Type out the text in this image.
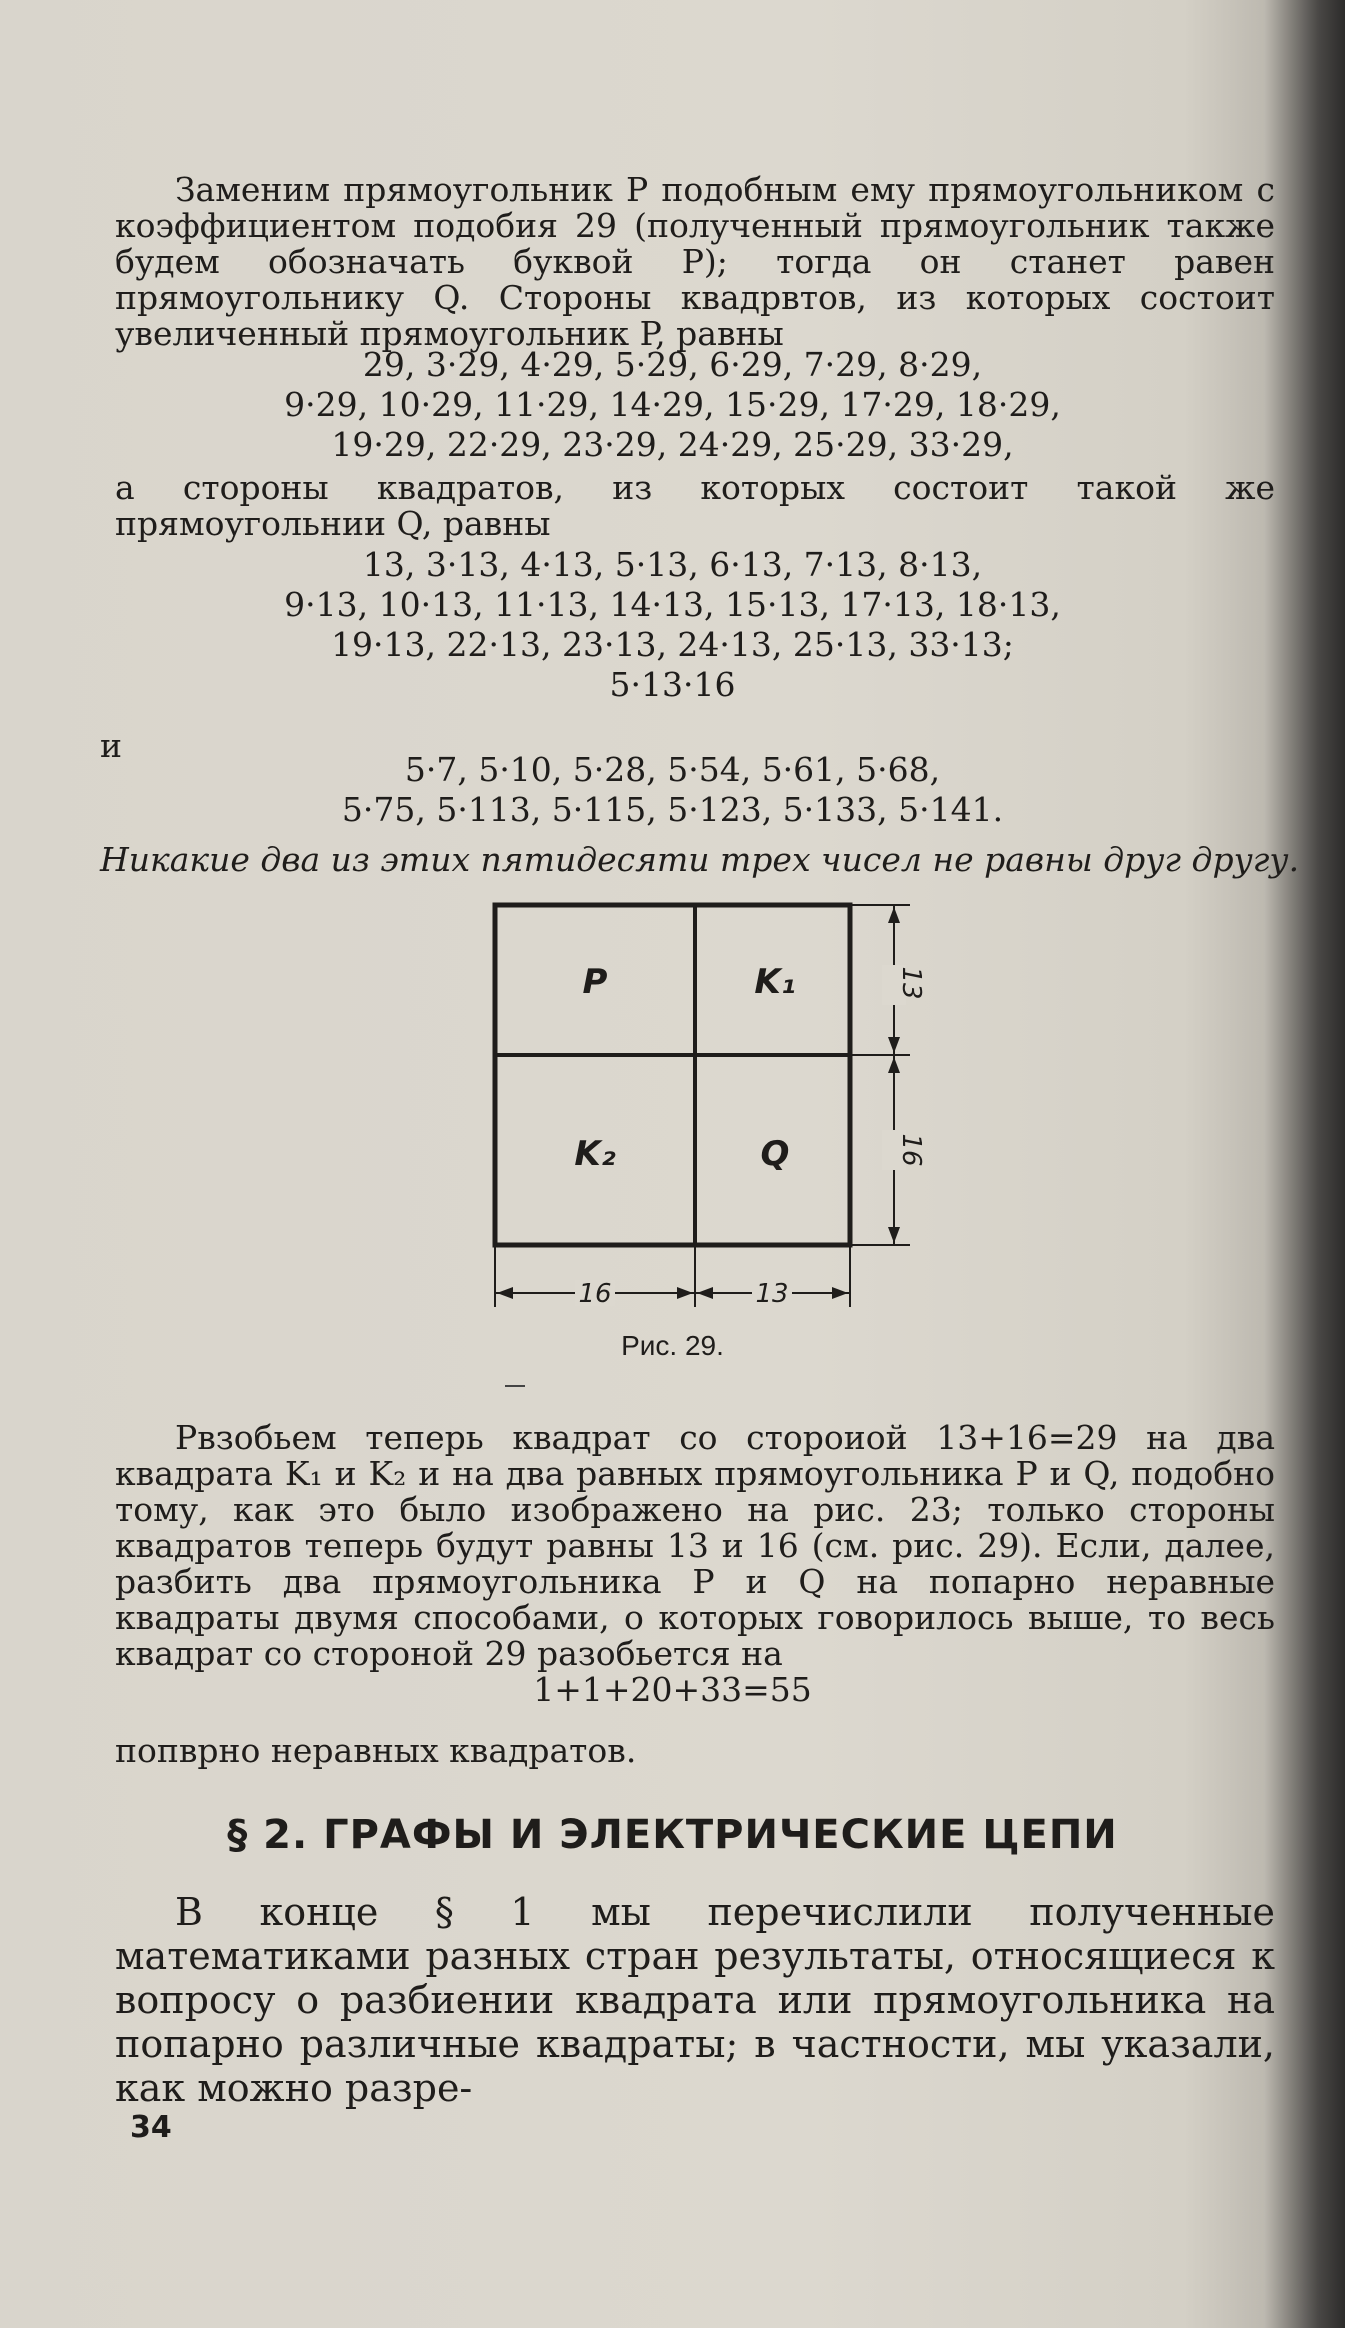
Заменим прямоугольник P подобным ему прямоугольником с коэффициентом подобия 29 (полученный прямоугольник также будем обозначать буквой P); тогда он станет равен прямоугольнику Q. Стороны квадрвтов, из которых состоит увеличенный прямоугольник P, равны
29, 3·29, 4·29, 5·29, 6·29, 7·29, 8·29,
9·29, 10·29, 11·29, 14·29, 15·29, 17·29, 18·29,
19·29, 22·29, 23·29, 24·29, 25·29, 33·29,
а стороны квадратов, из которых состоит такой же прямоугольнии Q, равны
13, 3·13, 4·13, 5·13, 6·13, 7·13, 8·13,
9·13, 10·13, 11·13, 14·13, 15·13, 17·13, 18·13,
19·13, 22·13, 23·13, 24·13, 25·13, 33·13;
5·13·16
и
5·7, 5·10, 5·28, 5·54, 5·61, 5·68,
5·75, 5·113, 5·115, 5·123, 5·133, 5·141.
Никакие два из этих пятидесяти трех чисел не равны друг другу.
P	K₁
K₂	Q
13
16
16	13
Рис. 29.
Рвзобьем теперь квадрат со стороиой 13+16=29 на два квадрата K₁ и K₂ и на два равных прямоугольника P и Q, подобно тому, как это было изображено на рис. 23; только стороны квадратов теперь будут равны 13 и 16 (см. рис. 29). Если, далее, разбить два прямоугольника P и Q на попарно неравные квадраты двумя способами, о которых говорилось выше, то весь квадрат со стороной 29 разобьется на
1+1+20+33=55
попврно неравных квадратов.
§ 2. ГРАФЫ И ЭЛЕКТРИЧЕСКИЕ ЦЕПИ
В конце § 1 мы перечислили полученные математиками разных стран результаты, относящиеся к вопросу о разбиении квадрата или прямоугольника на попарно различные квадраты; в частности, мы указали, как можно разре-
34
